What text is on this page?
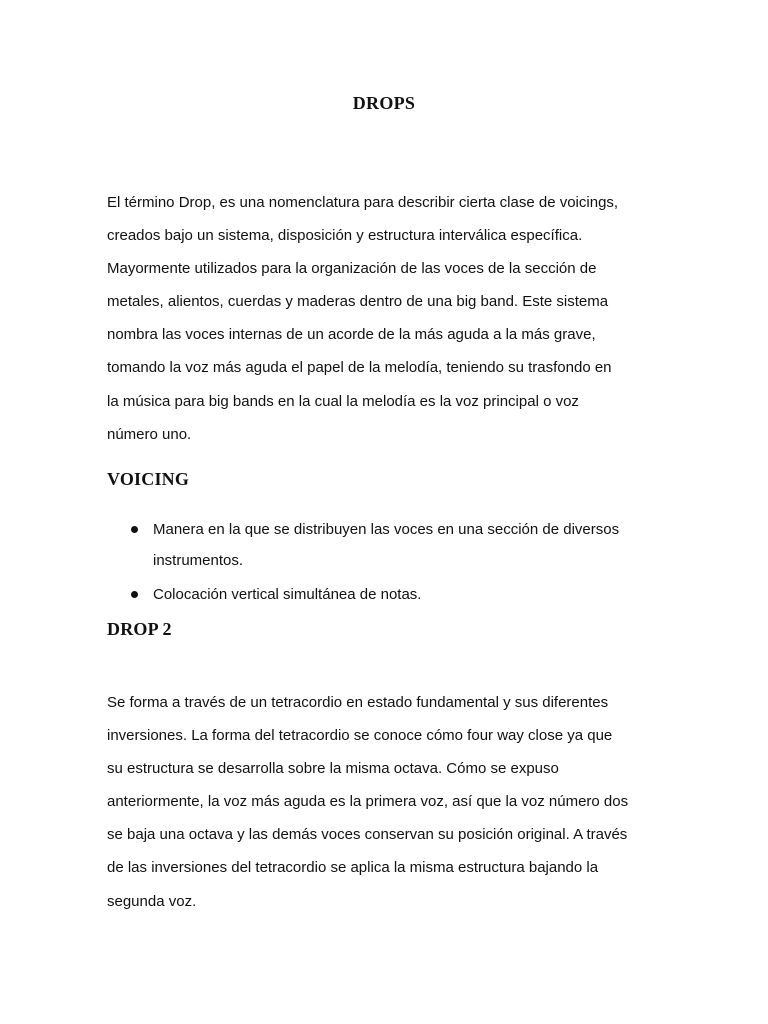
DROPS

El término Drop, es una nomenclatura para describir cierta clase de voicings,
creados bajo un sistema, disposición y estructura interválica específica.
Mayormente utilizados para la organización de las voces de la sección de
metales, alientos, cuerdas y maderas dentro de una big band. Este sistema
nombra las voces internas de un acorde de la más aguda a la más grave,
tomando la voz más aguda el papel de la melodía, teniendo su trasfondo en
la música para big bands en la cual la melodía es la voz principal o voz
número uno.

VOICING
Manera en la que se distribuyen las voces en una sección de diversos
instrumentos.
Colocación vertical simultánea de notas.
DROP 2

Se forma a través de un tetracordio en estado fundamental y sus diferentes
inversiones. La forma del tetracordio se conoce cómo four way close ya que
su estructura se desarrolla sobre la misma octava. Cómo se expuso
anteriormente, la voz más aguda es la primera voz, así que la voz número dos
se baja una octava y las demás voces conservan su posición original. A través
de las inversiones del tetracordio se aplica la misma estructura bajando la
segunda voz.
